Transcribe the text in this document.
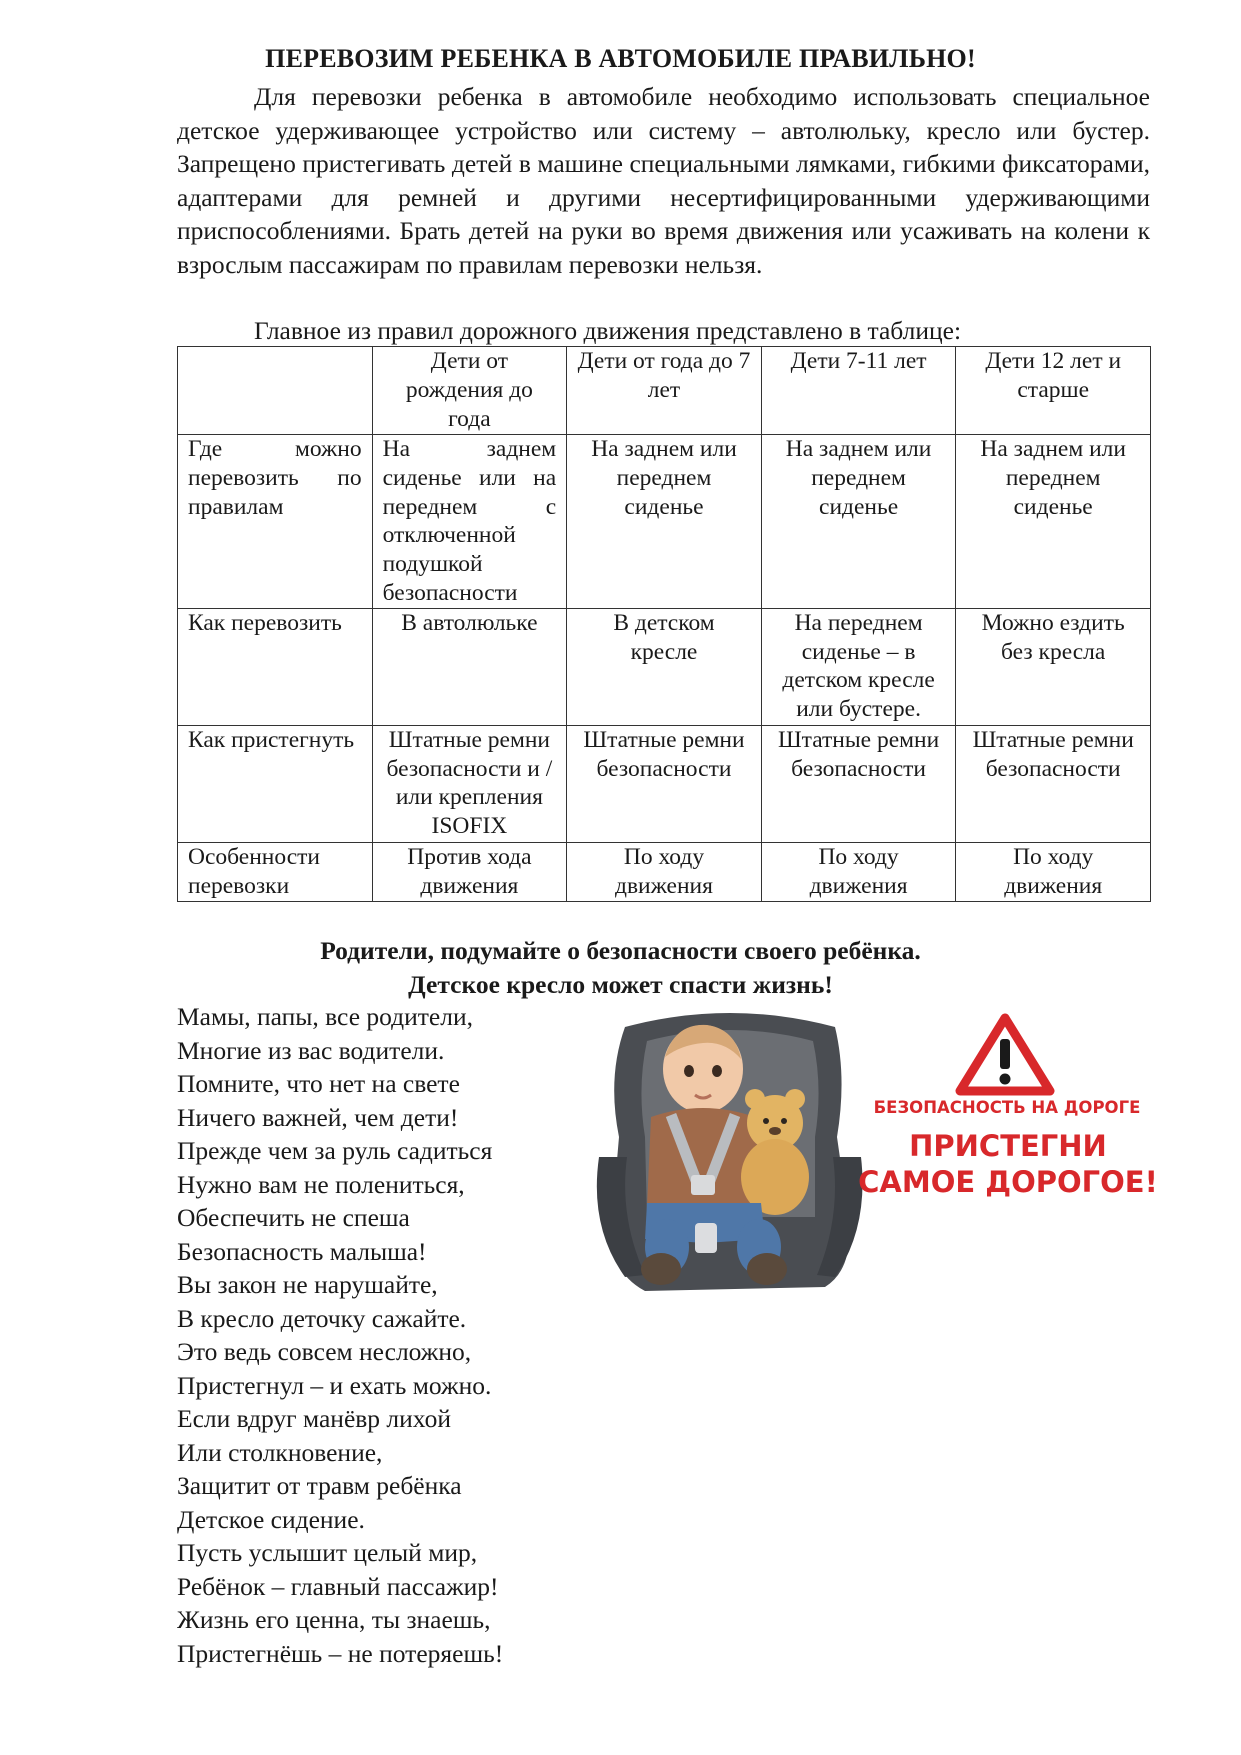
ПЕРЕВОЗИМ РЕБЕНКА В АВТОМОБИЛЕ ПРАВИЛЬНО!

Для перевозки ребенка в автомобиле необходимо использовать специальное детское удерживающее устройство или систему – автолюльку, кресло или бустер. Запрещено пристегивать детей в машине специальными лямками, гибкими фиксаторами, адаптерами для ремней и другими несертифицированными удерживающими приспособлениями. Брать детей на руки во время движения или усаживать на колени к взрослым пассажирам по правилам перевозки нельзя.

Главное из правил дорожного движения представлено в таблице:

	Дети от рождения до года	Дети от года до 7 лет	Дети 7-11 лет	Дети 12 лет и старше
Где можно перевозить по правилам	На заднем сиденье или на переднем с отключенной подушкой безопасности	На заднем или переднем сиденье	На заднем или переднем сиденье	На заднем или переднем сиденье
Как перевозить	В автолюльке	В детском кресле	На переднем сиденье – в детском кресле или бустере.	Можно ездить без кресла
Как пристегнуть	Штатные ремни безопасности и / или крепления ISOFIX	Штатные ремни безопасности	Штатные ремни безопасности	Штатные ремни безопасности
Особенности перевозки	Против хода движения	По ходу движения	По ходу движения	По ходу движения
Родители, подумайте о безопасности своего ребёнка.
Детское кресло может спасти жизнь!
Мамы, папы, все родители,
Многие из вас водители.
Помните, что нет на свете
Ничего важней, чем дети!
Прежде чем за руль садиться
Нужно вам не полениться,
Обеспечить не спеша
Безопасность малыша!
Вы закон не нарушайте,
В кресло деточку сажайте.
Это ведь совсем несложно,
Пристегнул – и ехать можно.
Если вдруг манёвр лихой
Или столкновение,
Защитит от травм ребёнка
Детское сидение.
Пусть услышит целый мир,
Ребёнок – главный пассажир!
Жизнь его ценна, ты знаешь,
Пристегнёшь – не потеряешь!
БЕЗОПАСНОСТЬ НА ДОРОГЕ
ПРИСТЕГНИ
САМОЕ ДОРОГОЕ!
